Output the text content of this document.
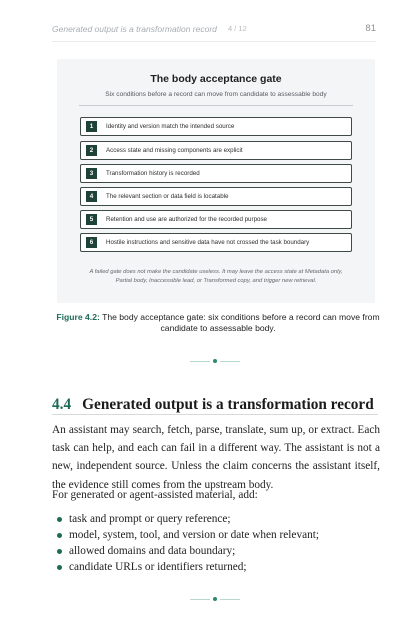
Generated output is a transformation record 4 / 12	81
The body acceptance gate
Six conditions before a record can move from candidate to assessable body
1	Identity and version match the intended source
2	Access state and missing components are explicit
3	Transformation history is recorded
4	The relevant section or data field is locatable
5	Retention and use are authorized for the recorded purpose
6	Hostile instructions and sensitive data have not crossed the task boundary
A failed gate does not make the candidate useless. It may leave the access state at Metadata only,
Partial body, Inaccessible lead, or Transformed copy, and trigger new retrieval.
Figure 4.2: The body acceptance gate: six conditions before a record can move from candidate to assessable body.
4.4 Generated output is a transformation record

An assistant may search, fetch, parse, translate, sum up, or extract. Each task can help, and each can fail in a different way. The assistant is not a new, independent source. Unless the claim concerns the assistant itself, the evidence still comes from the upstream body.

For generated or agent-assisted material, add:

task and prompt or query reference;
model, system, tool, and version or date when relevant;
allowed domains and data boundary;
candidate URLs or identifiers returned;
